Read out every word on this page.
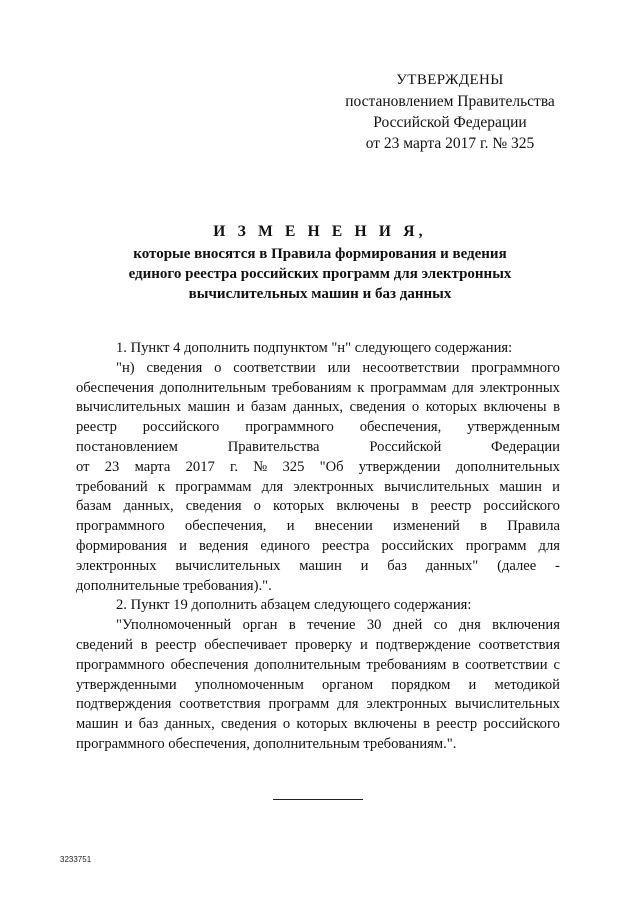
УТВЕРЖДЕНЫ
постановлением Правительства
Российской Федерации
от 23 марта 2017 г. № 325
И З М Е Н Е Н И Я,
которые вносятся в Правила формирования и ведения
единого реестра российских программ для электронных
вычислительных машин и баз данных
1. Пункт 4 дополнить подпунктом "н" следующего содержания:
"н) сведения о соответствии или несоответствии программного
обеспечения дополнительным требованиям к программам для электронных
вычислительных машин и базам данных, сведения о которых включены в
реестр российского программного обеспечения, утвержденным
постановлением	Правительства	Российской	Федерации
от 23 марта 2017 г. № 325 "Об утверждении дополнительных
требований к программам для электронных вычислительных машин и
базам данных, сведения о которых включены в реестр российского
программного обеспечения, и внесении изменений в Правила
формирования и ведения единого реестра российских программ для
электронных вычислительных машин и баз данных" (далее -
дополнительные требования).".
2. Пункт 19 дополнить абзацем следующего содержания:
"Уполномоченный орган в течение 30 дней со дня включения
сведений в реестр обеспечивает проверку и подтверждение соответствия
программного обеспечения дополнительным требованиям в соответствии с
утвержденными уполномоченным органом порядком и методикой
подтверждения соответствия программ для электронных вычислительных
машин и баз данных, сведения о которых включены в реестр российского
программного обеспечения, дополнительным требованиям.".
3233751
